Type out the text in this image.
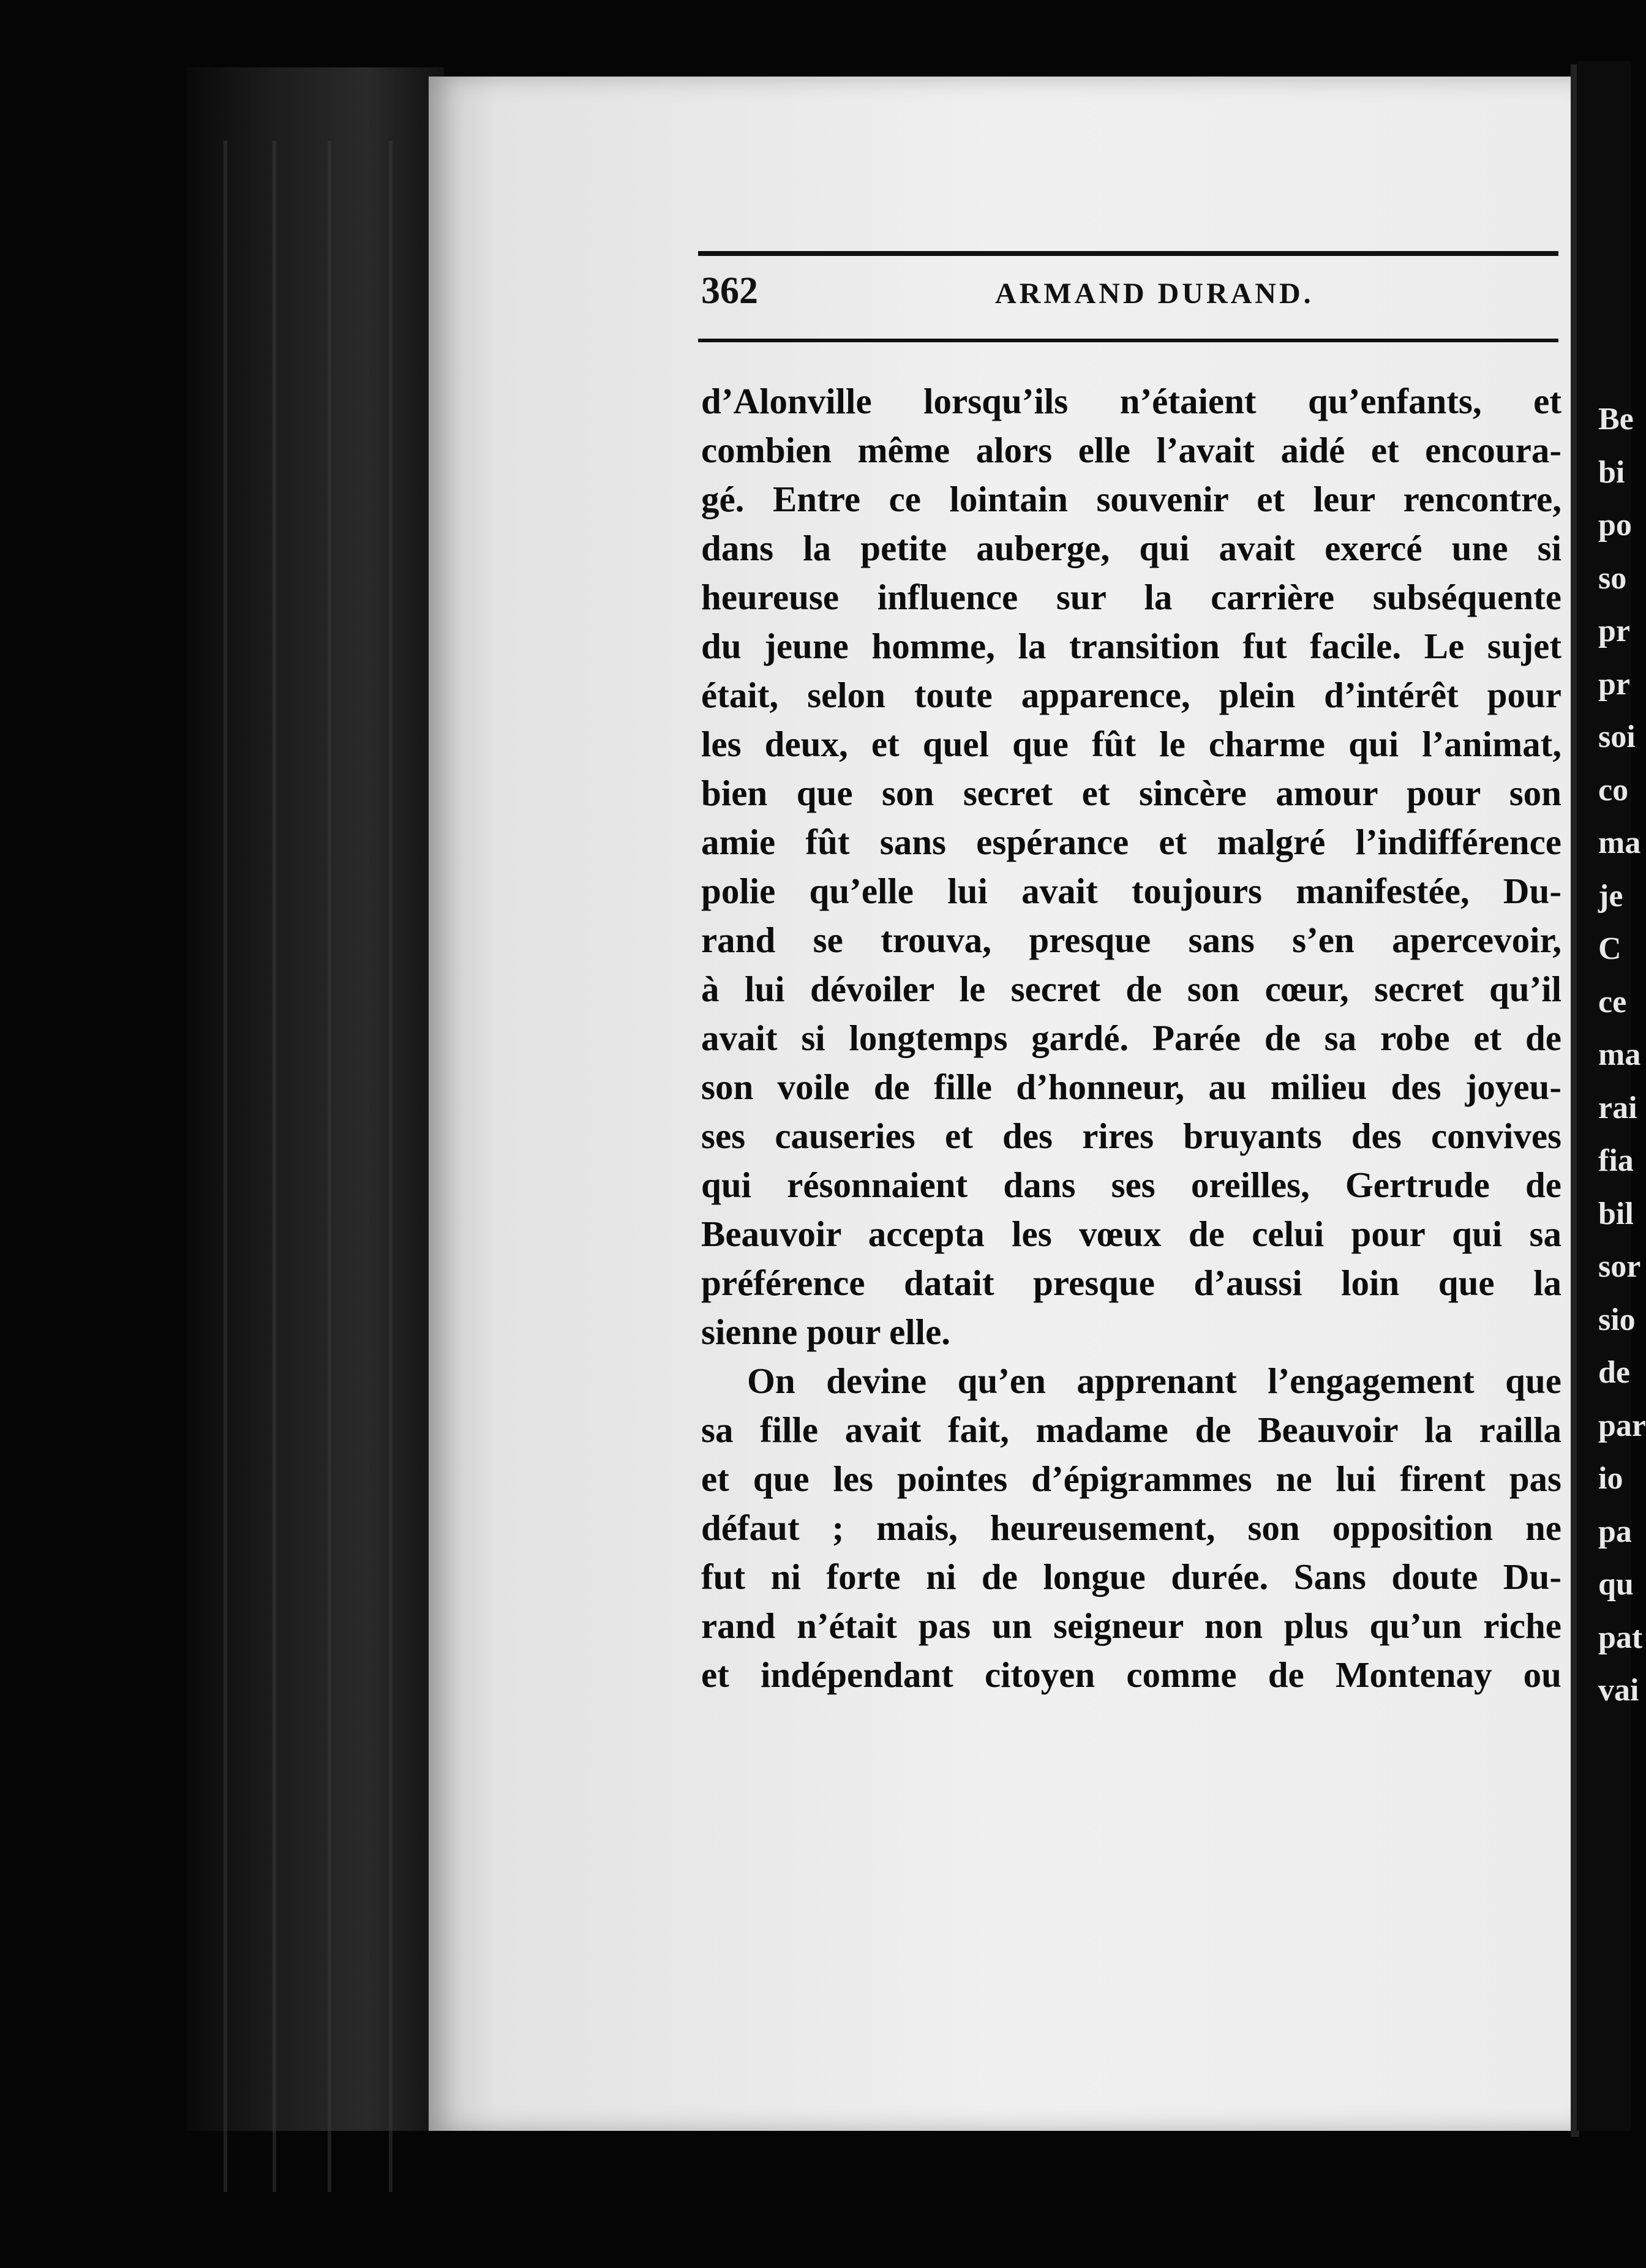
362	ARMAND DURAND.
d’Alonville lorsqu’ils n’étaient qu’enfants, et
combien même alors elle l’avait aidé et encoura-
gé. Entre ce lointain souvenir et leur rencontre,
dans la petite auberge, qui avait exercé une si
heureuse influence sur la carrière subséquente
du jeune homme, la transition fut facile. Le sujet
était, selon toute apparence, plein d’intérêt pour
les deux, et quel que fût le charme qui l’animat,
bien que son secret et sincère amour pour son
amie fût sans espérance et malgré l’indifférence
polie qu’elle lui avait toujours manifestée, Du-
rand se trouva, presque sans s’en apercevoir,
à lui dévoiler le secret de son cœur, secret qu’il
avait si longtemps gardé. Parée de sa robe et de
son voile de fille d’honneur, au milieu des joyeu-
ses causeries et des rires bruyants des convives
qui résonnaient dans ses oreilles, Gertrude de
Beauvoir accepta les vœux de celui pour qui sa
préférence datait presque d’aussi loin que la
sienne pour elle.
On devine qu’en apprenant l’engagement que
sa fille avait fait, madame de Beauvoir la railla
et que les pointes d’épigrammes ne lui firent pas
défaut ; mais, heureusement, son opposition ne
fut ni forte ni de longue durée. Sans doute Du-
rand n’était pas un seigneur non plus qu’un riche
et indépendant citoyen comme de Montenay ou
Be
bi
po
so
pr
pr
soi
co
ma
je
C
ce
ma
rai
fia
bil
sor
sio
de
par
io
pa
qu
pat
vai
